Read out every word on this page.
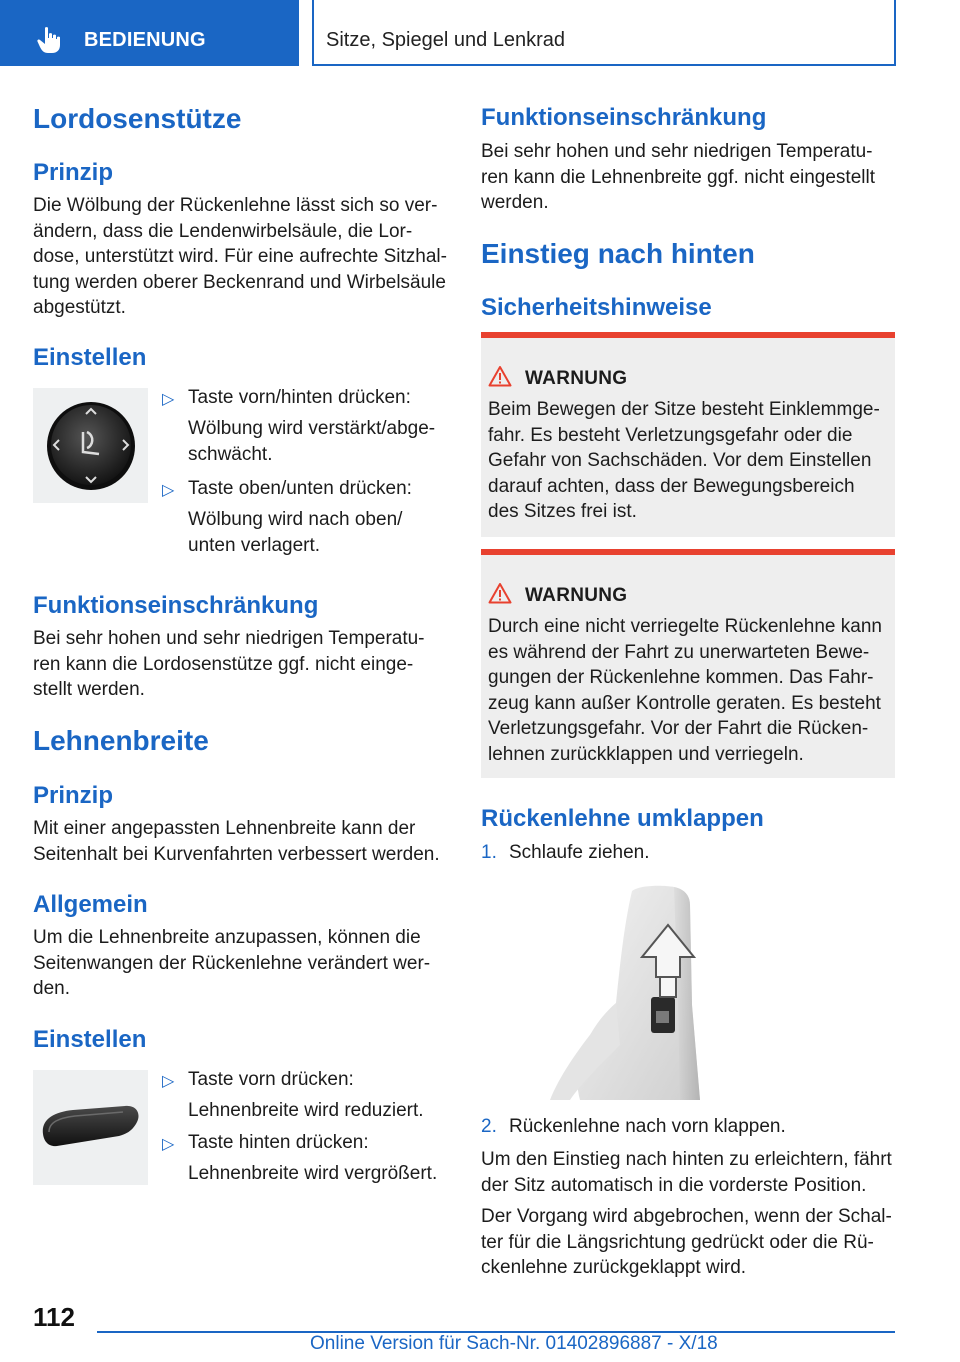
BEDIENUNG	Sitze, Spiegel und Lenkrad
Lordosenstütze
Prinzip
Die Wölbung der Rückenlehne lässt sich so ver‐
ändern, dass die Lendenwirbelsäule, die Lor‐
dose, unterstützt wird. Für eine aufrechte Sitzhal‐
tung werden oberer Beckenrand und Wirbelsäule
abgestützt.
Einstellen
▷ Taste vorn/hinten drücken:
Wölbung wird verstärkt/abge‐
schwächt.
▷ Taste oben/unten drücken:
Wölbung wird nach oben/
unten verlagert.
Funktionseinschränkung
Bei sehr hohen und sehr niedrigen Temperatu‐
ren kann die Lordosenstütze ggf. nicht einge‐
stellt werden.
Lehnenbreite
Prinzip
Mit einer angepassten Lehnenbreite kann der
Seitenhalt bei Kurvenfahrten verbessert werden.
Allgemein
Um die Lehnenbreite anzupassen, können die
Seitenwangen der Rückenlehne verändert wer‐
den.
Einstellen
▷ Taste vorn drücken:
Lehnenbreite wird reduziert.
▷ Taste hinten drücken:
Lehnenbreite wird vergrößert.
Funktionseinschränkung
Bei sehr hohen und sehr niedrigen Temperatu‐
ren kann die Lehnenbreite ggf. nicht eingestellt
werden.
Einstieg nach hinten
Sicherheitshinweise
WARNUNG
Beim Bewegen der Sitze besteht Einklemmge‐
fahr. Es besteht Verletzungsgefahr oder die
Gefahr von Sachschäden. Vor dem Einstellen
darauf achten, dass der Bewegungsbereich
des Sitzes frei ist.
WARNUNG
Durch eine nicht verriegelte Rückenlehne kann
es während der Fahrt zu unerwarteten Bewe‐
gungen der Rückenlehne kommen. Das Fahr‐
zeug kann außer Kontrolle geraten. Es besteht
Verletzungsgefahr. Vor der Fahrt die Rücken‐
lehnen zurückklappen und verriegeln.
Rückenlehne umklappen
1. Schlaufe ziehen.
2. Rückenlehne nach vorn klappen.
Um den Einstieg nach hinten zu erleichtern, fährt
der Sitz automatisch in die vorderste Position.
Der Vorgang wird abgebrochen, wenn der Schal‐
ter für die Längsrichtung gedrückt oder die Rü‐
ckenlehne zurückgeklappt wird.
112
Online Version für Sach-Nr. 01402896887 - X/18
